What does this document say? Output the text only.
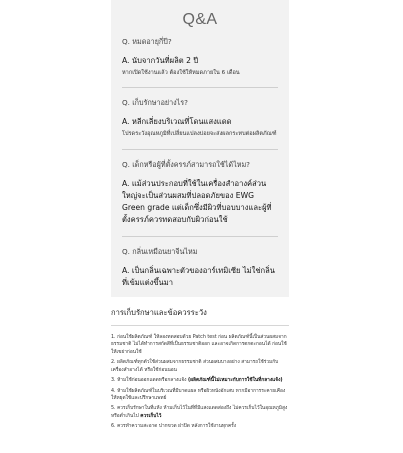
Q&A
Q. หมดอายุกี่ปี?
A. นับจากวันที่ผลิต 2 ปี
หากเปิดใช้งานแล้ว ต้องใช้ให้หมดภายใน 6 เดือน
Q. เก็บรักษาอย่างไร?
A. หลีกเลี่ยงบริเวณที่โดนแสงแดด
โปรดระวังอุณหภูมิที่เปลี่ยนแปลงบ่อยจะส่งผลกระทบต่อผลิตภัณฑ์
Q. เด็กหรือผู้ที่ตั้งครรภ์สามารถใช้ได้ไหม?
A. แม้ส่วนประกอบที่ใช้ในเครื่องสำอางค์ส่วนใหญ่จะเป็นส่วนผสมที่ปลอดภัยของ EWG Green grade แต่เด็กซึ่งมีผิวที่บอบบางและผู้ที่ตั้งครรภ์ควรทดสอบกับผิวก่อนใช้
Q. กลิ่นเหมือนยาจีนไหม
A. เป็นกลิ่นเฉพาะตัวของอาร์เทมิเซีย ไม่ใช่กลิ่นที่เข้มแต่งขึ้นมา
การเก็บรักษาและข้อควรระวัง
1. ก่อนใช้ผลิตภัณฑ์ ให้ลองทดสอบด้วย Patch test ก่อน ผลิตภัณฑ์นี้เป็นส่วนผสมจากธรรมชาติ ไม่ได้ทำการสกัดสีที่เป็นธรรมชาติออก และอาจเกิดการตกตะกอนได้ ก่อนใช้ให้เขย่าก่อนใช้
2. ผลิตภัณฑ์ทุกตัวใช้ส่วนผสมจากธรรมชาติ ส่วนผสมบางอย่าง สามารถใช้ร่วมกับเครื่องสำอางได้ หรือใช้ก่อนนอน
3. ห้ามใช้ก่อนออกแดดหรือกลางแจ้ง (ผลิตภัณฑ์นี้ไม่เหมาะกับการใช้ในที่กลางแจ้ง)
4. ห้ามใช้ผลิตภัณฑ์ในบริเวณที่มีบาดแผล หรือผิวหนังอักเสบ หากมีอาการระคายเคืองให้หยุดใช้และปรึกษาแพทย์
5. ควรเก็บรักษาในที่แห้ง ห้ามเก็บไว้ในที่ที่มีแสงแดดส่องถึง ไม่ควรเก็บไว้ในอุณหภูมิสูงหรือต่ำเกินไป ควรเก็บไว้
6. ควรทำความสะอาด ปากขวด ฝาปิด หลังการใช้งานทุกครั้ง
